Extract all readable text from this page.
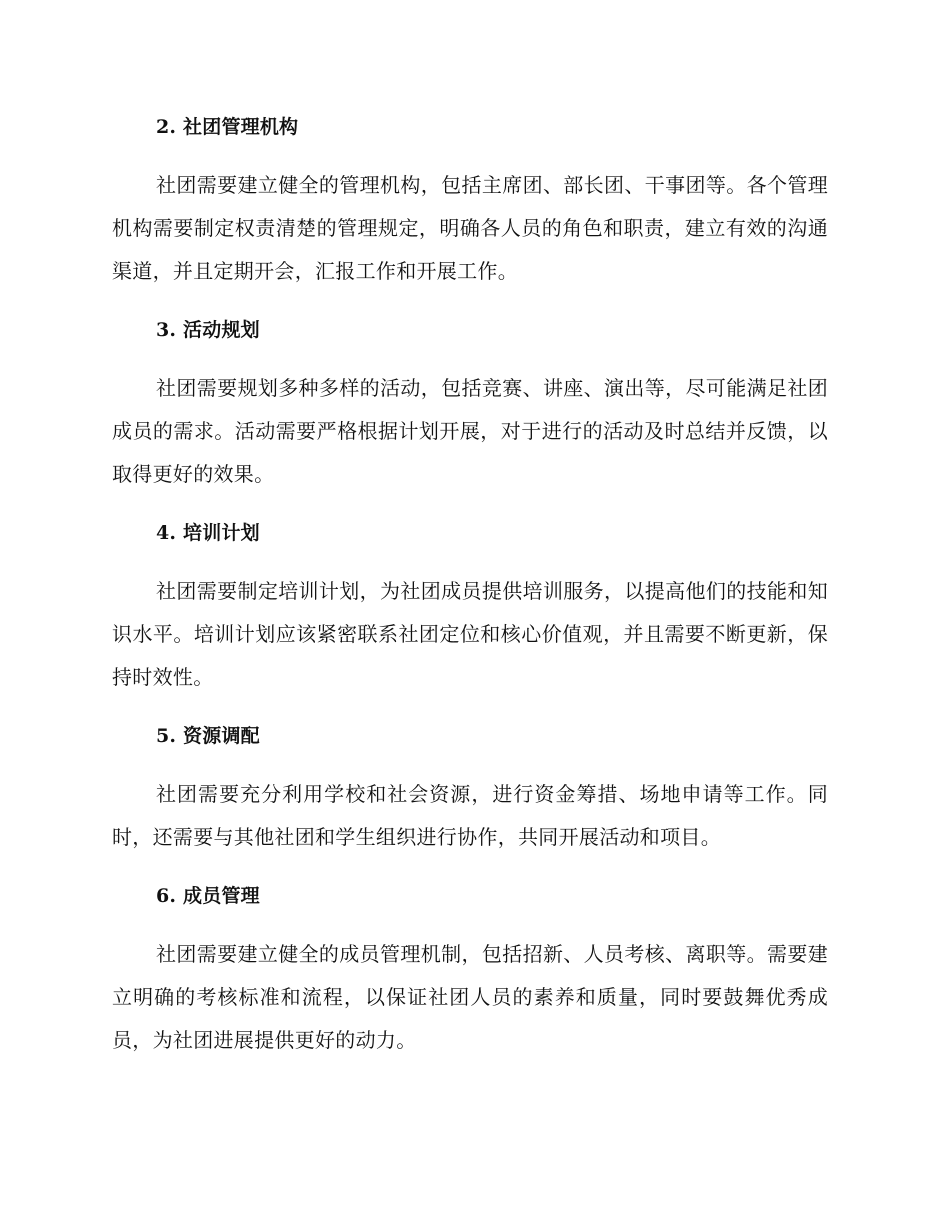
2. 社团管理机构

社团需要建立健全的管理机构，包括主席团、部长团、干事团等。各个管理机构需要制定权责清楚的管理规定，明确各人员的角色和职责，建立有效的沟通渠道，并且定期开会，汇报工作和开展工作。

3. 活动规划

社团需要规划多种多样的活动，包括竞赛、讲座、演出等，尽可能满足社团成员的需求。活动需要严格根据计划开展，对于进行的活动及时总结并反馈，以取得更好的效果。

4. 培训计划

社团需要制定培训计划，为社团成员提供培训服务，以提高他们的技能和知识水平。培训计划应该紧密联系社团定位和核心价值观，并且需要不断更新，保持时效性。

5. 资源调配

社团需要充分利用学校和社会资源，进行资金筹措、场地申请等工作。同时，还需要与其他社团和学生组织进行协作，共同开展活动和项目。

6. 成员管理

社团需要建立健全的成员管理机制，包括招新、人员考核、离职等。需要建立明确的考核标准和流程，以保证社团人员的素养和质量，同时要鼓舞优秀成员，为社团进展提供更好的动力。
